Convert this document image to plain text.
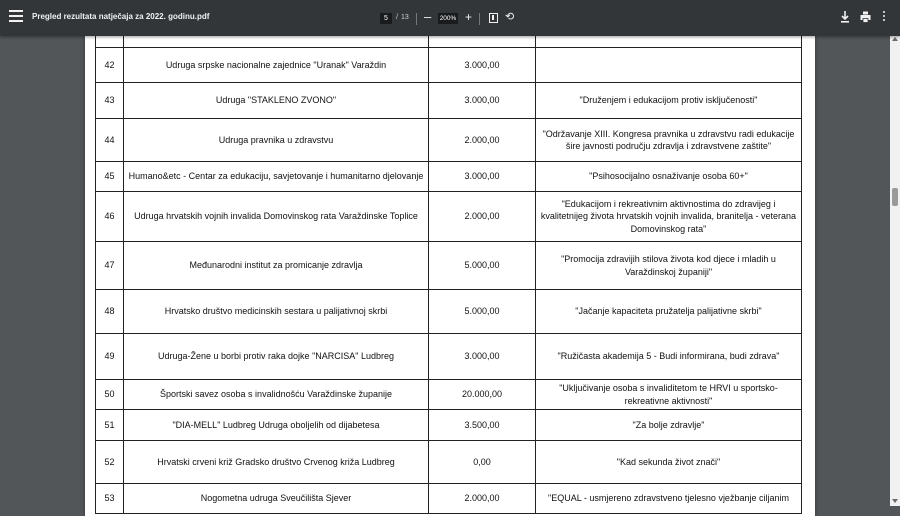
Pregled rezultata natječaja za 2022. godinu.pdf	5	/ 13 – 200% +	⟲

42	Udruga srpske nacionalne zajednice "Uranak" Varaždin	3.000,00	
43	Udruga "STAKLENO ZVONO"	3.000,00	"Druženjem i edukacijom protiv isključenosti"
44	Udruga pravnika u zdravstvu	2.000,00	"Održavanje XIII. Kongresa pravnika u zdravstvu radi edukacije šire javnosti području zdravlja i zdravstvene zaštite"
45	Humano&etc - Centar za edukaciju, savjetovanje i humanitarno djelovanje	3.000,00	"Psihosocijalno osnaživanje osoba 60+"
46	Udruga hrvatskih vojnih invalida Domovinskog rata Varaždinske Toplice	2.000,00	"Edukacijom i rekreativnim aktivnostima do zdravijeg i kvalitetnijeg života hrvatskih vojnih invalida, branitelja - veterana Domovinskog rata"
47	Međunarodni institut za promicanje zdravlja	5.000,00	"Promocija zdravijih stilova života kod djece i mladih u Varaždinskoj županiji"
48	Hrvatsko društvo medicinskih sestara u palijativnoj skrbi	5.000,00	"Jačanje kapaciteta pružatelja palijativne skrbi"
49	Udruga-Žene u borbi protiv raka dojke "NARCISA" Ludbreg	3.000,00	"Ružičasta akademija 5 - Budi informirana, budi zdrava"
50	Športski savez osoba s invalidnošću Varaždinske županije	20.000,00	"Uključivanje osoba s invaliditetom te HRVI u sportsko-rekreativne aktivnosti"
51	"DIA-MELL" Ludbreg Udruga oboljelih od dijabetesa	3.500,00	"Za bolje zdravlje"
52	Hrvatski crveni križ Gradsko društvo Crvenog križa Ludbreg	0,00	"Kad sekunda život znači"
53	Nogometna udruga Sveučilišta Sjever	2.000,00	"EQUAL - usmjereno zdravstveno tjelesno vježbanje ciljanim
